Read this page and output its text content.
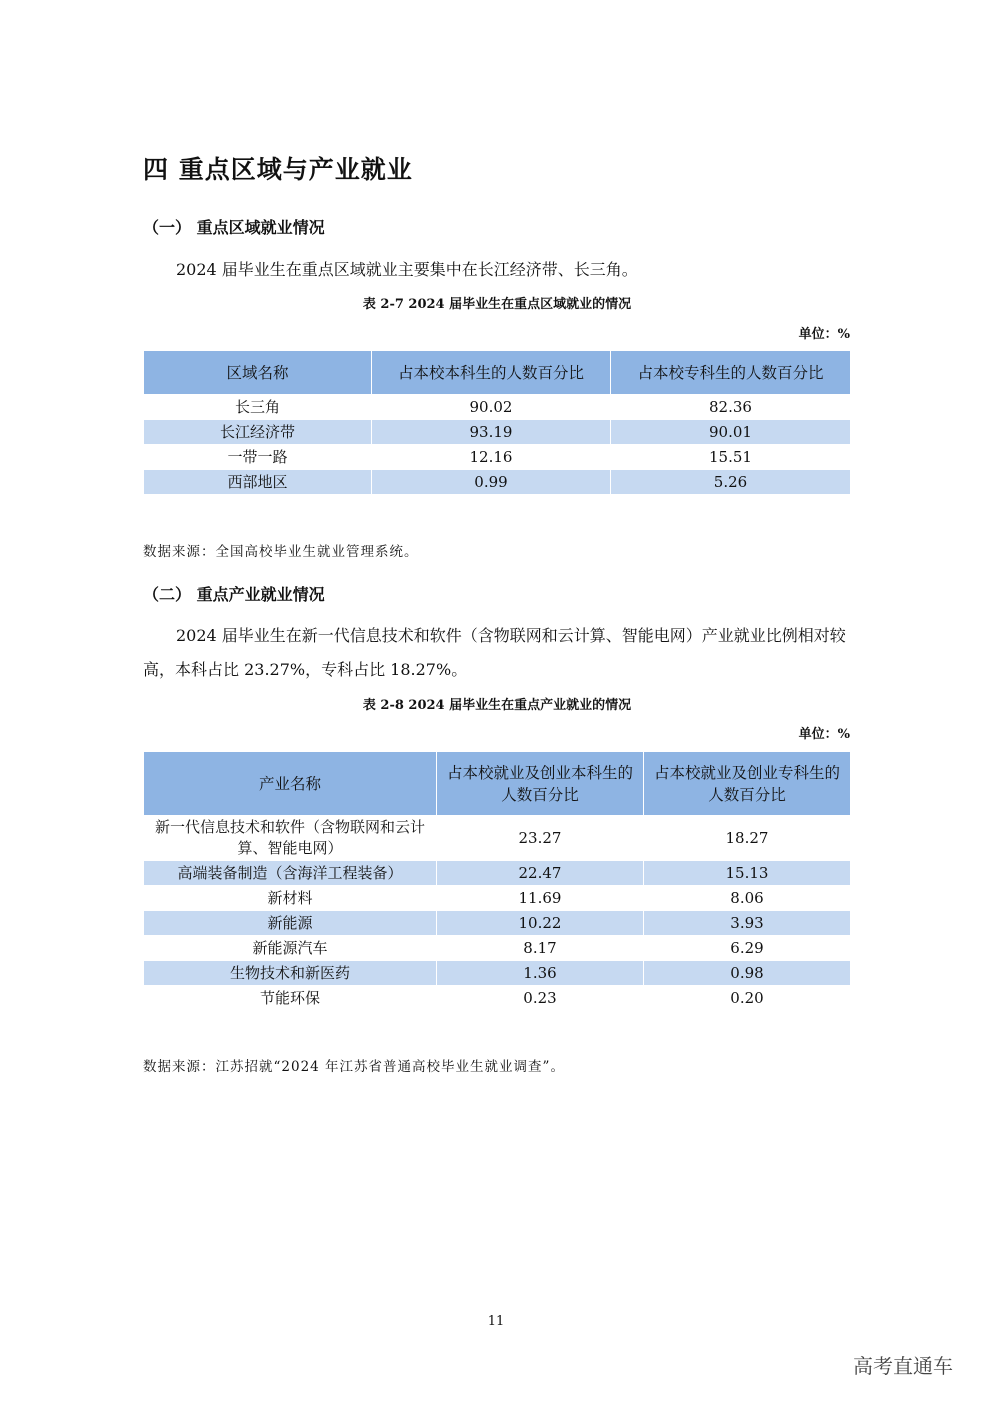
四 重点区域与产业就业
（一） 重点区域就业情况
2024 届毕业生在重点区域就业主要集中在长江经济带、长三角。
表 2-7 2024 届毕业生在重点区域就业的情况
单位：%
区域名称	占本校本科生的人数百分比	占本校专科生的人数百分比
长三角	90.02	82.36
长江经济带	93.19	90.01
一带一路	12.16	15.51
西部地区	0.99	5.26
数据来源：全国高校毕业生就业管理系统。
（二） 重点产业就业情况
2024 届毕业生在新一代信息技术和软件（含物联网和云计算、智能电网）产业就业比例相对较高，本科占比 23.27%，专科占比 18.27%。
表 2-8 2024 届毕业生在重点产业就业的情况
单位：%
产业名称	占本校就业及创业本科生的人数百分比	占本校就业及创业专科生的人数百分比
新一代信息技术和软件（含物联网和云计算、智能电网）	23.27	18.27
高端装备制造（含海洋工程装备）	22.47	15.13
新材料	11.69	8.06
新能源	10.22	3.93
新能源汽车	8.17	6.29
生物技术和新医药	1.36	0.98
节能环保	0.23	0.20
数据来源：江苏招就“2024 年江苏省普通高校毕业生就业调查”。
11
高考直通车
